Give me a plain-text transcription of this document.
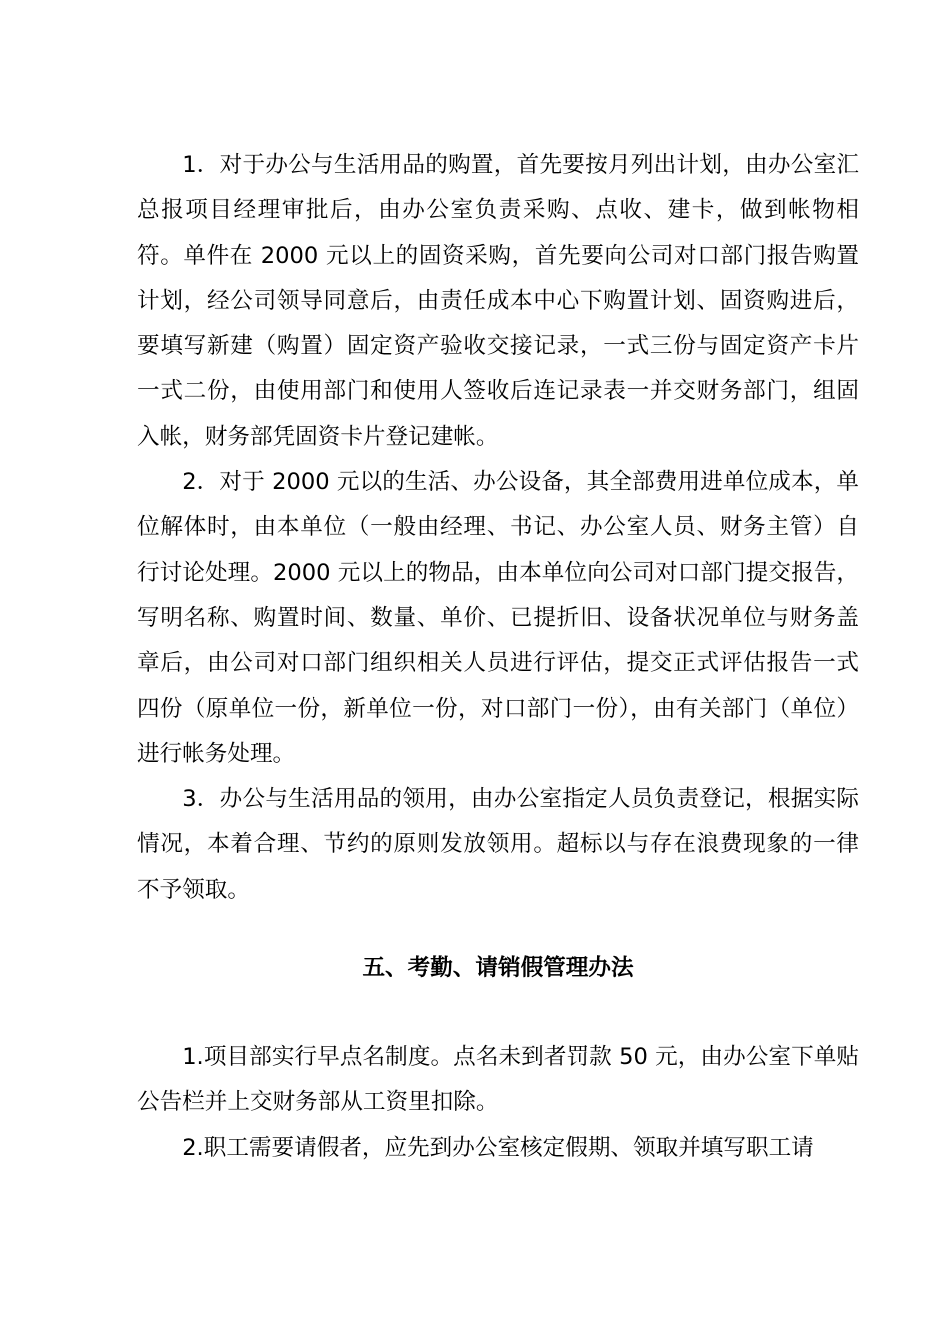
1．对于办公与生活用品的购置，首先要按月列出计划，由办公室汇总报项目经理审批后，由办公室负责采购、点收、建卡，做到帐物相符。单件在 2000 元以上的固资采购，首先要向公司对口部门报告购置计划，经公司领导同意后，由责任成本中心下购置计划、固资购进后，要填写新建（购置）固定资产验收交接记录，一式三份与固定资产卡片一式二份，由使用部门和使用人签收后连记录表一并交财务部门，组固入帐，财务部凭固资卡片登记建帐。

2．对于 2000 元以的生活、办公设备，其全部费用进单位成本，单位解体时，由本单位（一般由经理、书记、办公室人员、财务主管）自行讨论处理。2000 元以上的物品，由本单位向公司对口部门提交报告，写明名称、购置时间、数量、单价、已提折旧、设备状况单位与财务盖章后，由公司对口部门组织相关人员进行评估，提交正式评估报告一式四份（原单位一份，新单位一份，对口部门一份），由有关部门（单位）进行帐务处理。

3．办公与生活用品的领用，由办公室指定人员负责登记，根据实际情况，本着合理、节约的原则发放领用。超标以与存在浪费现象的一律不予领取。

五、考勤、请销假管理办法

1.项目部实行早点名制度。点名未到者罚款 50 元，由办公室下单贴公告栏并上交财务部从工资里扣除。

2.职工需要请假者，应先到办公室核定假期、领取并填写职工请
